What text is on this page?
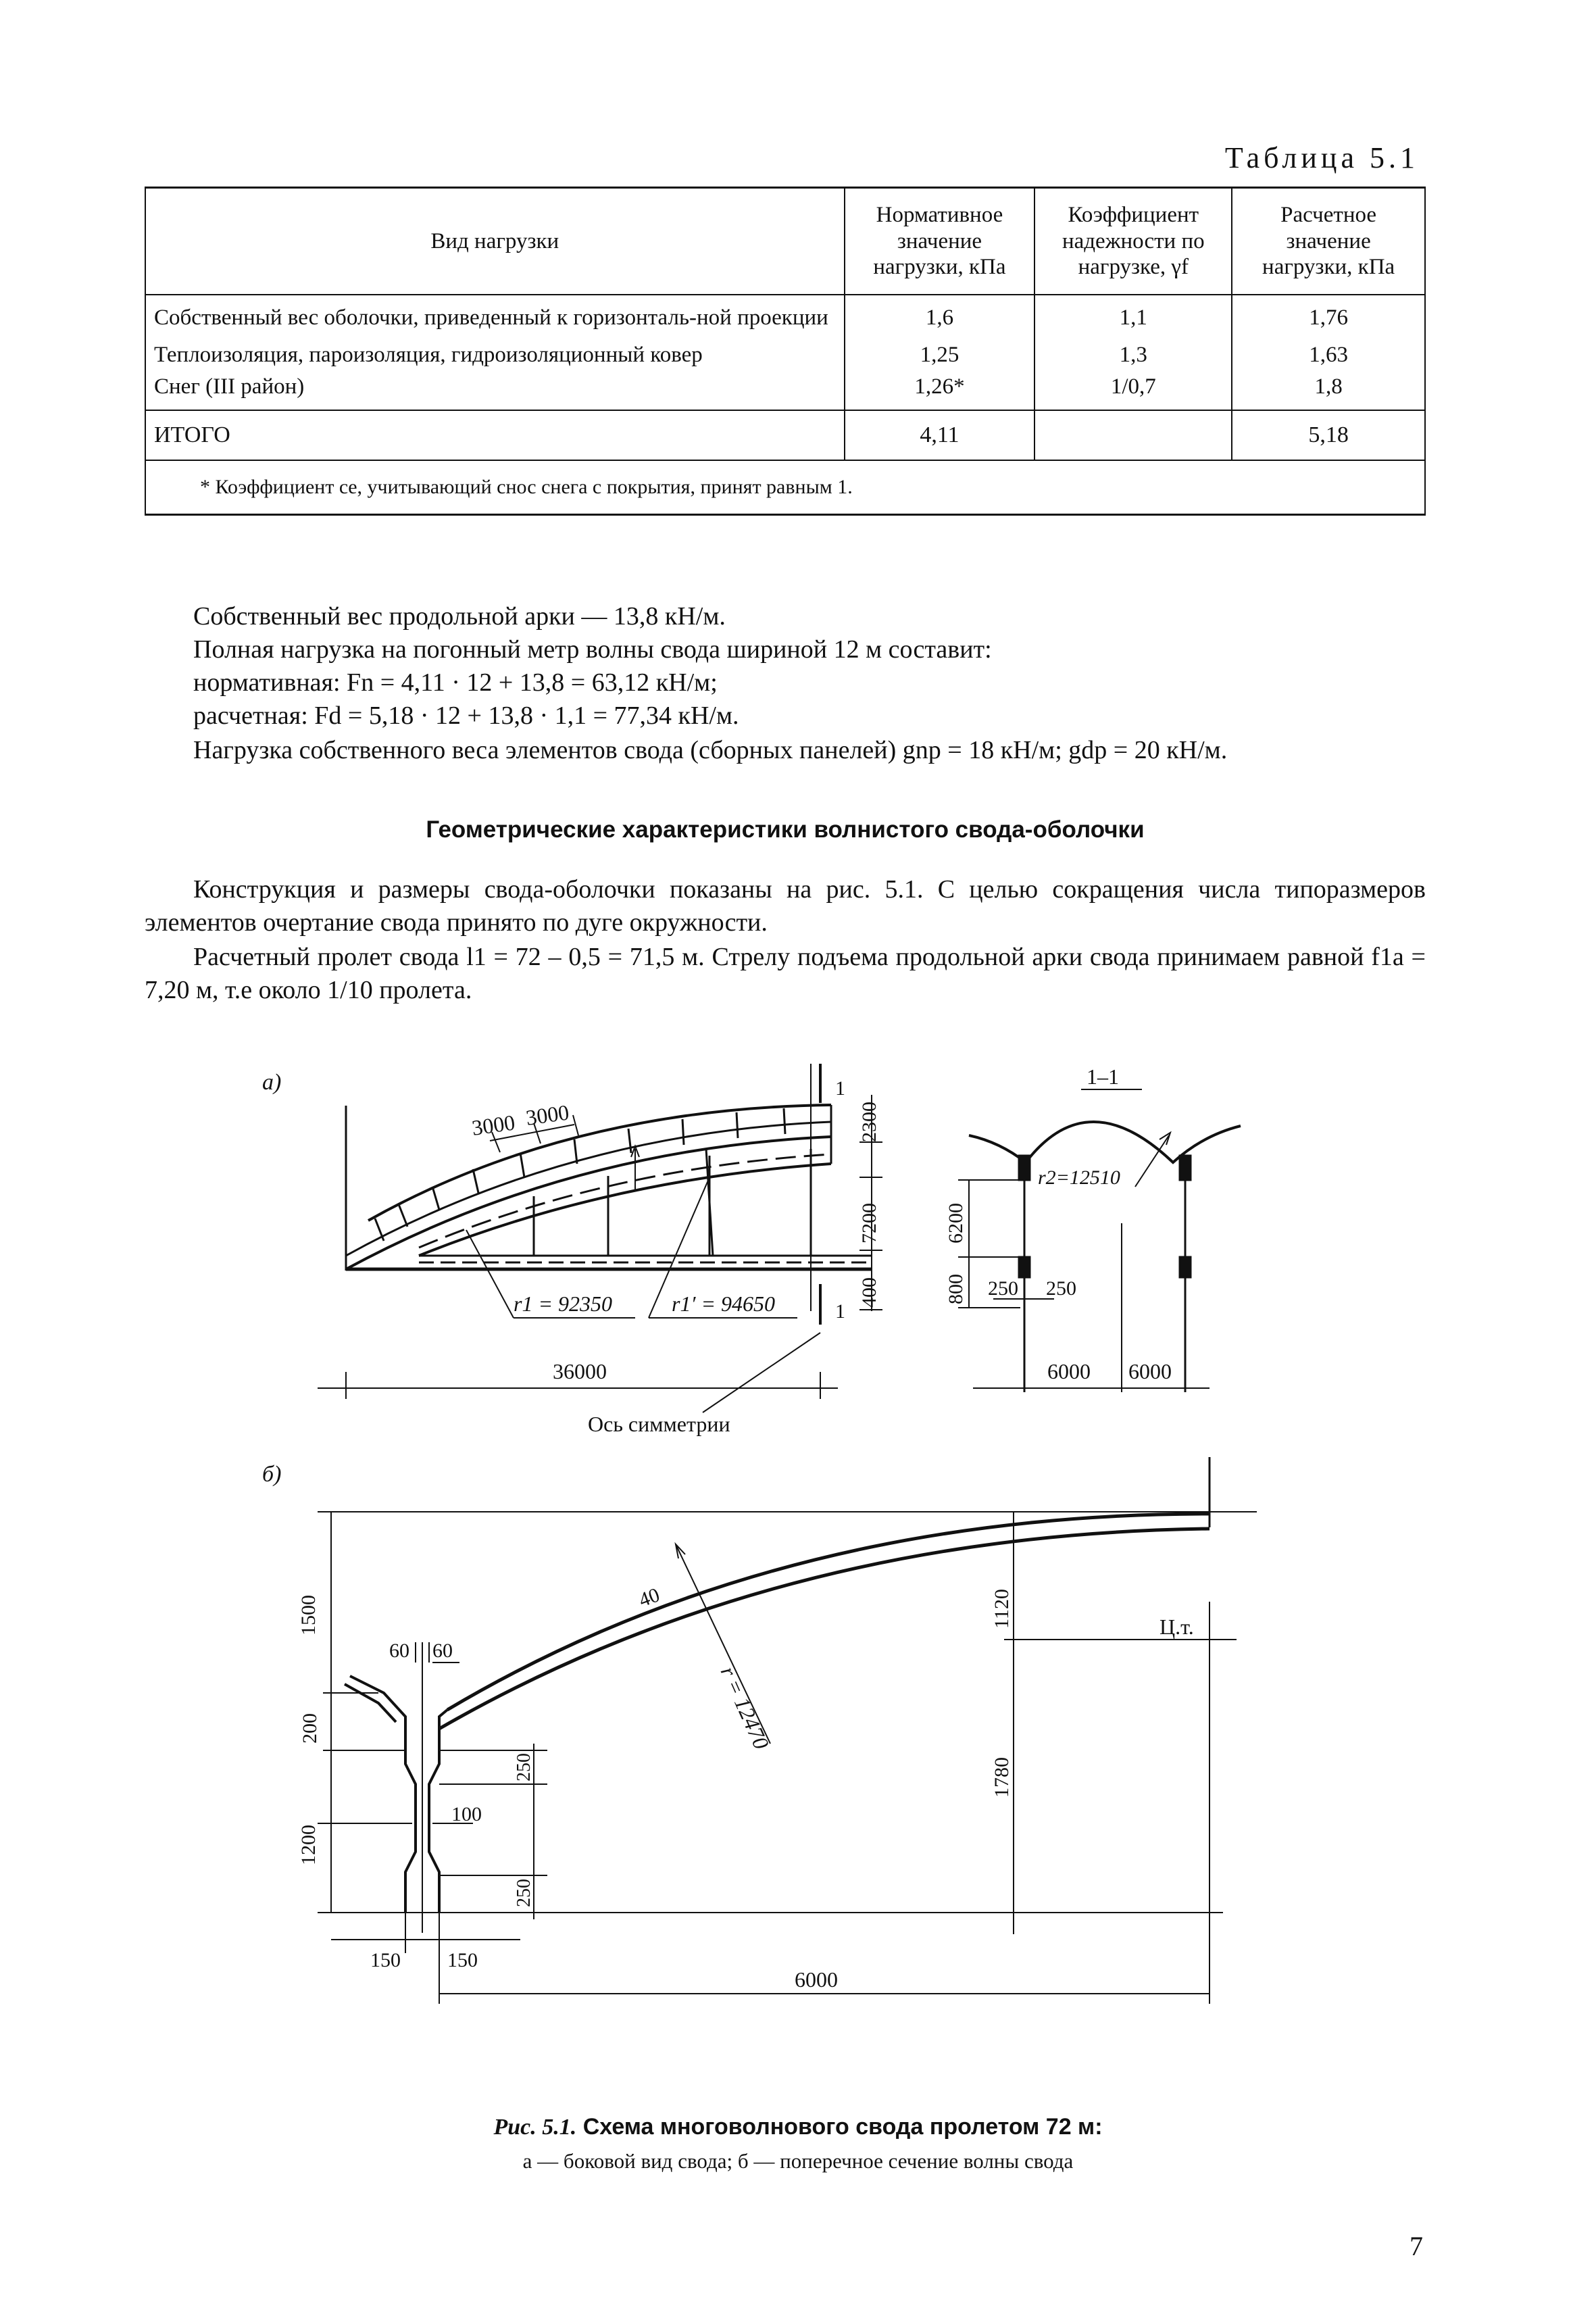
Таблица 5.1
Вид нагрузки	Нормативное значение нагрузки, кПа	Коэффициент надежности по нагрузке, γf	Расчетное значение нагрузки, кПа
Собственный вес оболочки, приведенный к горизонталь-ной проекции	1,6	1,1	1,76
Теплоизоляция, пароизоляция, гидроизоляционный ковер	1,25	1,3	1,63
Снег (III район)	1,26*	1/0,7	1,8
ИТОГО	4,11		5,18
* Коэффициент ce, учитывающий снос снега с покрытия, принят равным 1.			
Собственный вес продольной арки — 13,8 кН/м.
Полная нагрузка на погонный метр волны свода шириной 12 м составит:
нормативная: Fn = 4,11 · 12 + 13,8 = 63,12 кН/м;
расчетная: Fd = 5,18 · 12 + 13,8 · 1,1 = 77,34 кН/м.
Нагрузка собственного веса элементов свода (сборных панелей) gnp = 18 кН/м; gdp = 20 кН/м.
Геометрические характеристики волнистого свода-оболочки
Конструкция и размеры свода-оболочки показаны на рис. 5.1. С целью сокращения числа типоразмеров элементов очертание свода принято по дуге окружности.
Расчетный пролет свода l1 = 72 – 0,5 = 71,5 м. Стрелу подъема продольной арки свода принимаем равной f1a = 7,20 м, т.е около 1/10 пролета.
а)
б)
3000 3000	2300
7200
400
36000
6200
800 250 250
6000 6000
r1 = 92350	r1′ = 94650
r2=12510
1
1
1–1
Ось симметрии
1500
60 60
200
1200
250
100
250
150 150
40	1120
1780
6000
r = 12470
Ц.т.
Рис. 5.1. Схема многоволнового свода пролетом 72 м:
а — боковой вид свода; б — поперечное сечение волны свода
7
